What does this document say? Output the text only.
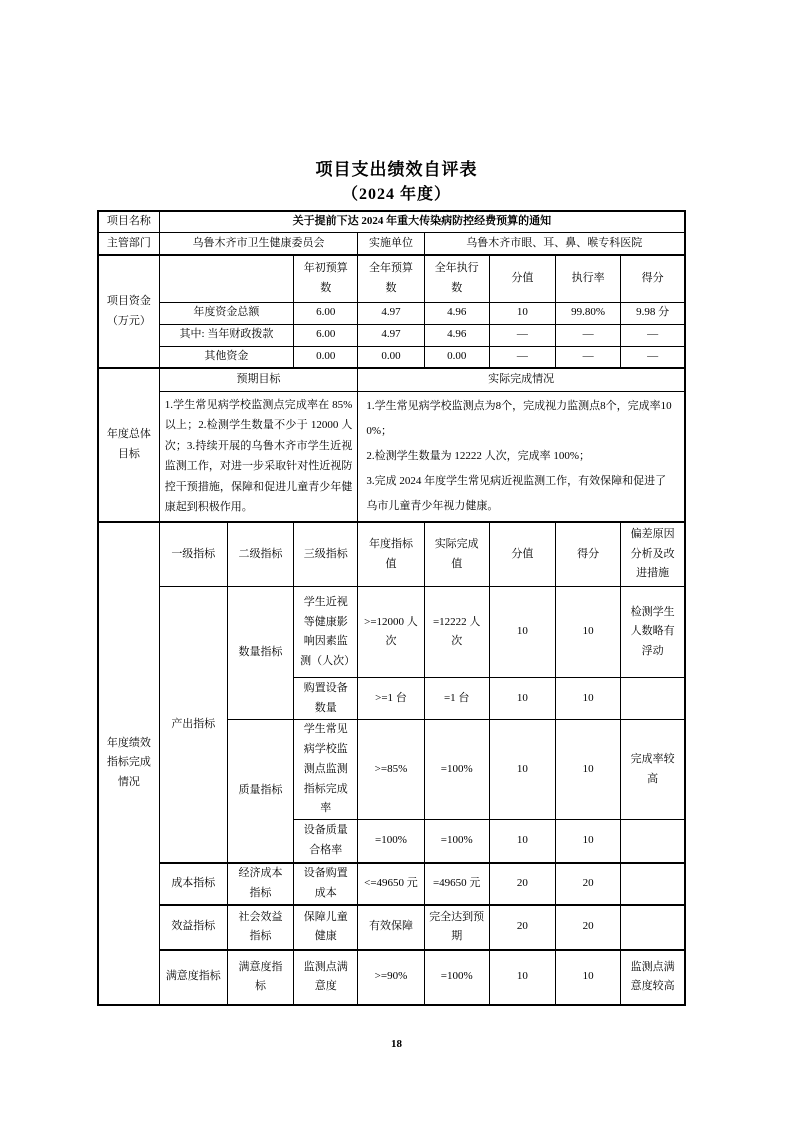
项目支出绩效自评表
（2024 年度）
项目名称	关于提前下达 2024 年重大传染病防控经费预算的通知							
主管部门	乌鲁木齐市卫生健康委员会			实施单位	乌鲁木齐市眼、耳、鼻、喉专科医院			
项目资金（万元）			年初预算数	全年预算数	全年执行数	分值	执行率	得分
	年度资金总额		6.00	4.97	4.96	10	99.80%	9.98 分
	其中: 当年财政拨款		6.00	4.97	4.96	—	—	—
	其他资金		0.00	0.00	0.00	—	—	—
年度总体目标	预期目标			实际完成情况				
	1.学生常见病学校监测点完成率在 85%以上；2.检测学生数量不少于 12000 人次；3.持续开展的乌鲁木齐市学生近视监测工作，对进一步采取针对性近视防控干预措施，保障和促进儿童青少年健康起到积极作用。			1.学生常见病学校监测点为8个，完成视力监测点8个，完成率100%；
2.检测学生数量为 12222 人次，完成率 100%；
3.完成 2024 年度学生常见病近视监测工作，有效保障和促进了乌市儿童青少年视力健康。				

年度绩效指标完成情况	一级指标	二级指标	三级指标	年度指标值	实际完成值	分值	得分	偏差原因分析及改进措施
	产出指标	数量指标	学生近视等健康影响因素监测（人次）	>=12000 人次	=12222 人次	10	10	检测学生人数略有浮动
			购置设备数量	>=1 台	=1 台	10	10	
		质量指标	学生常见病学校监测点监测指标完成率	>=85%	=100%	10	10	完成率较高
			设备质量合格率	=100%	=100%	10	10	
	成本指标	经济成本指标	设备购置成本	<=49650 元	=49650 元	20	20	
	效益指标	社会效益指标	保障儿童健康	有效保障	完全达到预期	20	20	
	满意度指标	满意度指标	监测点满意度	>=90%	=100%	10	10	监测点满意度较高
18
